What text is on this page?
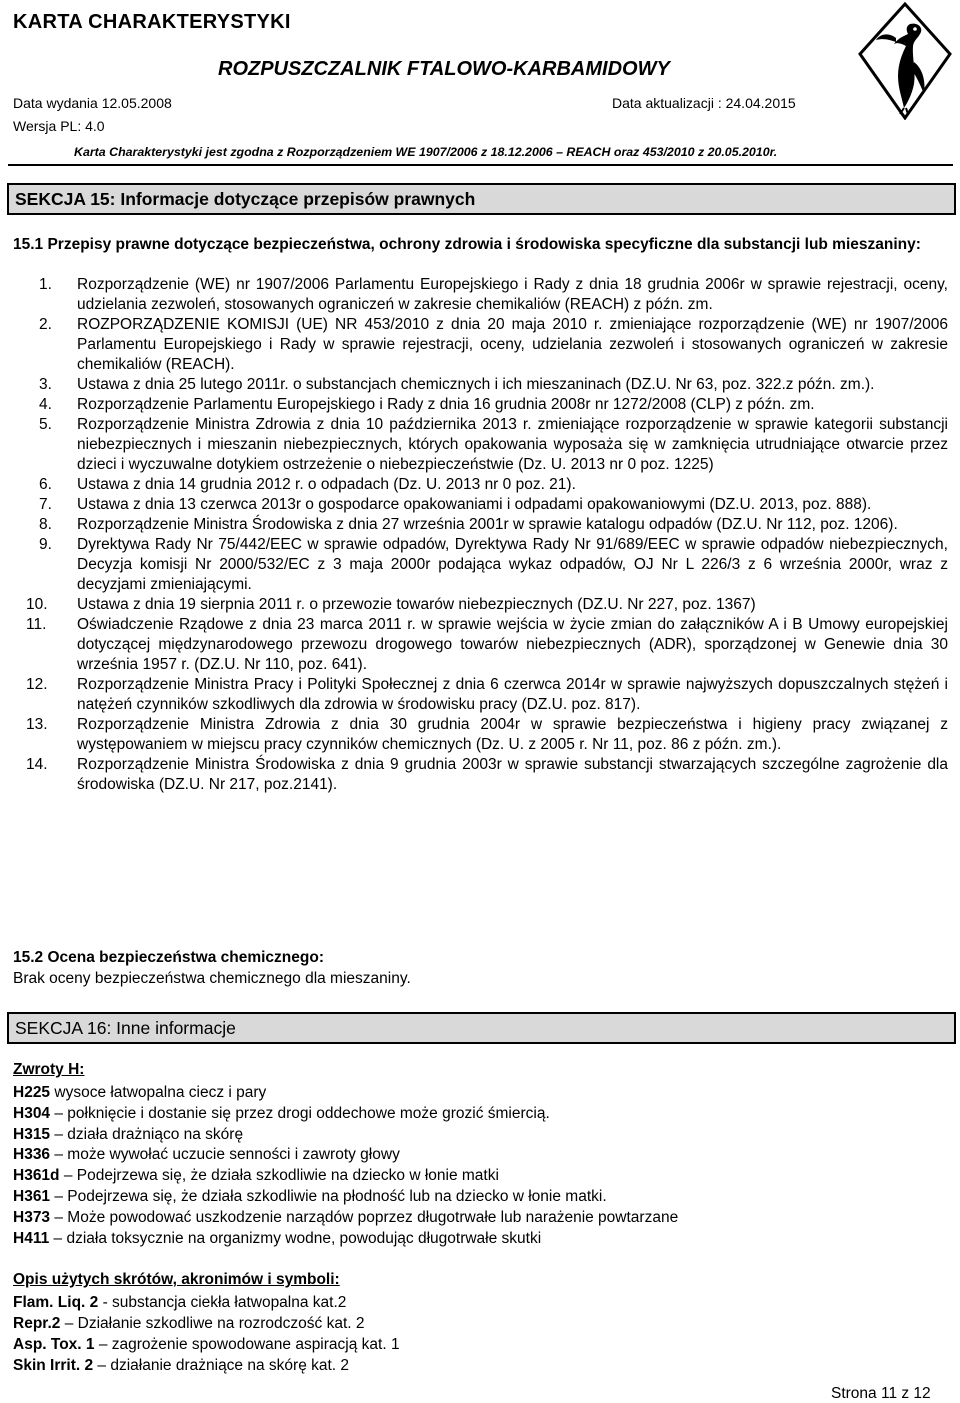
KARTA CHARAKTERYSTYKI
ROZPUSZCZALNIK FTALOWO-KARBAMIDOWY
Data wydania 12.05.2008	Data aktualizacji : 24.04.2015
Wersja PL: 4.0
Karta Charakterystyki jest zgodna z Rozporządzeniem WE 1907/2006 z 18.12.2006 – REACH oraz 453/2010 z 20.05.2010r.
SEKCJA 15: Informacje dotyczące przepisów prawnych
15.1 Przepisy prawne dotyczące bezpieczeństwa, ochrony zdrowia i środowiska specyficzne dla substancji lub mieszaniny:
1. Rozporządzenie (WE) nr 1907/2006 Parlamentu Europejskiego i Rady z dnia 18 grudnia 2006r w sprawie rejestracji, oceny, udzielania zezwoleń, stosowanych ograniczeń w zakresie chemikaliów (REACH) z późn. zm.
2. ROZPORZĄDZENIE KOMISJI (UE) NR 453/2010 z dnia 20 maja 2010 r. zmieniające rozporządzenie (WE) nr 1907/2006 Parlamentu Europejskiego i Rady w sprawie rejestracji, oceny, udzielania zezwoleń i stosowanych ograniczeń w zakresie chemikaliów (REACH).
3. Ustawa z dnia 25 lutego 2011r. o substancjach chemicznych i ich mieszaninach (DZ.U. Nr 63, poz. 322.z późn. zm.).
4. Rozporządzenie Parlamentu Europejskiego i Rady z dnia 16 grudnia 2008r nr 1272/2008 (CLP) z późn. zm.
5. Rozporządzenie Ministra Zdrowia z dnia 10 października 2013 r. zmieniające rozporządzenie w sprawie kategorii substancji niebezpiecznych i mieszanin niebezpiecznych, których opakowania wyposaża się w zamknięcia utrudniające otwarcie przez dzieci i wyczuwalne dotykiem ostrzeżenie o niebezpieczeństwie (Dz. U. 2013 nr 0 poz. 1225)
6. Ustawa z dnia 14 grudnia 2012 r. o odpadach (Dz. U. 2013 nr 0 poz. 21).
7. Ustawa z dnia 13 czerwca 2013r o gospodarce opakowaniami i odpadami opakowaniowymi (DZ.U. 2013, poz. 888).
8. Rozporządzenie Ministra Środowiska z dnia 27 września 2001r w sprawie katalogu odpadów (DZ.U. Nr 112, poz. 1206).
9. Dyrektywa Rady Nr 75/442/EEC w sprawie odpadów, Dyrektywa Rady Nr 91/689/EEC w sprawie odpadów niebezpiecznych, Decyzja komisji Nr 2000/532/EC z 3 maja 2000r podająca wykaz odpadów, OJ Nr L 226/3 z 6 września 2000r, wraz z decyzjami zmieniającymi.
10. Ustawa z dnia 19 sierpnia 2011 r. o przewozie towarów niebezpiecznych (DZ.U. Nr 227, poz. 1367)
11. Oświadczenie Rządowe z dnia 23 marca 2011 r. w sprawie wejścia w życie zmian do załączników A i B Umowy europejskiej dotyczącej międzynarodowego przewozu drogowego towarów niebezpiecznych (ADR), sporządzonej w Genewie dnia 30 września 1957 r. (DZ.U. Nr 110, poz. 641).
12. Rozporządzenie Ministra Pracy i Polityki Społecznej z dnia 6 czerwca 2014r w sprawie najwyższych dopuszczalnych stężeń i natężeń czynników szkodliwych dla zdrowia w środowisku pracy (DZ.U. poz. 817).
13. Rozporządzenie Ministra Zdrowia z dnia 30 grudnia 2004r w sprawie bezpieczeństwa i higieny pracy związanej z występowaniem w miejscu pracy czynników chemicznych (Dz. U. z 2005 r. Nr 11, poz. 86 z późn. zm.).
14. Rozporządzenie Ministra Środowiska z dnia 9 grudnia 2003r w sprawie substancji stwarzających szczególne zagrożenie dla środowiska (DZ.U. Nr 217, poz.2141).
15.2 Ocena bezpieczeństwa chemicznego:
Brak oceny bezpieczeństwa chemicznego dla mieszaniny.
SEKCJA 16: Inne informacje
Zwroty H:
H225 wysoce łatwopalna ciecz i pary
H304 – połknięcie i dostanie się przez drogi oddechowe może grozić śmiercią.
H315 – działa drażniąco na skórę
H336 – może wywołać uczucie senności i zawroty głowy
H361d – Podejrzewa się, że działa szkodliwie na dziecko w łonie matki
H361 – Podejrzewa się, że działa szkodliwie na płodność lub na dziecko w łonie matki.
H373 – Może powodować uszkodzenie narządów poprzez długotrwałe lub narażenie powtarzane
H411 – działa toksycznie na organizmy wodne, powodując długotrwałe skutki
Opis użytych skrótów, akronimów i symboli:
Flam. Liq. 2 - substancja ciekła łatwopalna kat.2
Repr.2 – Działanie szkodliwe na rozrodczość kat. 2
Asp. Tox. 1 – zagrożenie spowodowane aspiracją kat. 1
Skin Irrit. 2 – działanie drażniące na skórę kat. 2
Strona 11 z 12
